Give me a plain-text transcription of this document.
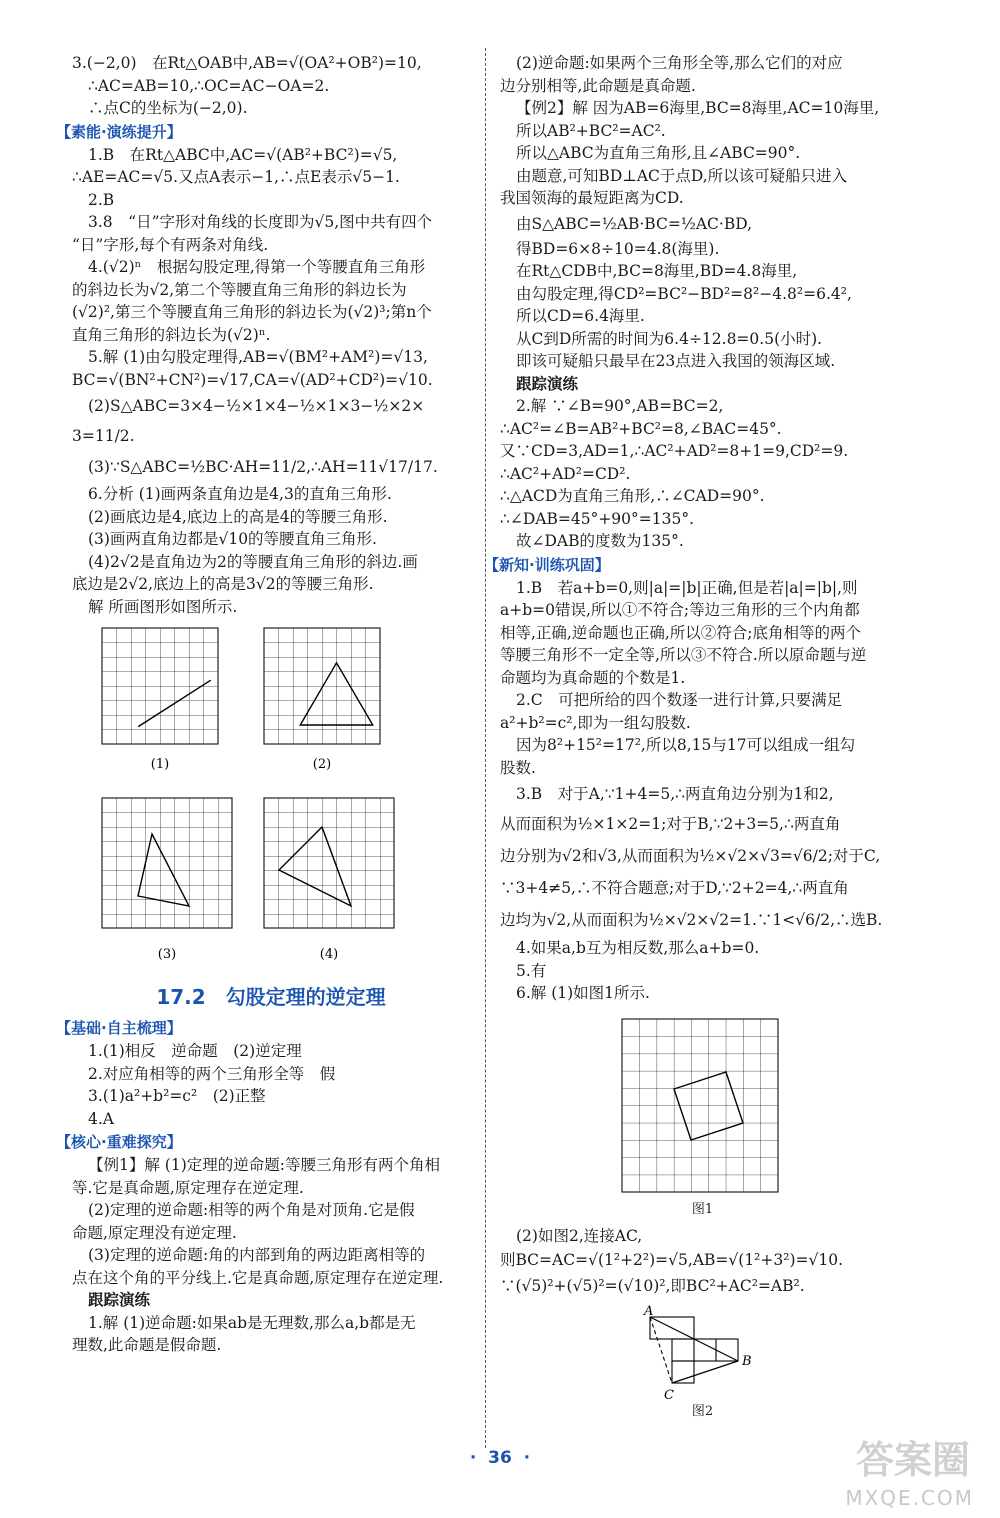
3.(−2,0)　在Rt△OAB中,AB=√(OA²+OB²)=10,

∴AC=AB=10,∴OC=AC−OA=2.

∴点C的坐标为(−2,0).

【素能·演练提升】

1.B　在Rt△ABC中,AC=√(AB²+BC²)=√5,

∴AE=AC=√5.又点A表示−1,∴点E表示√5−1.

2.B

3.8　“日”字形对角线的长度即为√5,图中共有四个

“日”字形,每个有两条对角线.

4.(√2)ⁿ　根据勾股定理,得第一个等腰直角三角形

的斜边长为√2,第二个等腰直角三角形的斜边长为

(√2)²,第三个等腰直角三角形的斜边长为(√2)³;第n个

直角三角形的斜边长为(√2)ⁿ.

5.解 (1)由勾股定理得,AB=√(BM²+AM²)=√13,

BC=√(BN²+CN²)=√17,CA=√(AD²+CD²)=√10.

(2)S△ABC=3×4−½×1×4−½×1×3−½×2×

3=11/2.

(3)∵S△ABC=½BC·AH=11/2,∴AH=11√17/17.

6.分析 (1)画两条直角边是4,3的直角三角形.

(2)画底边是4,底边上的高是4的等腰三角形.

(3)画两直角边都是√10的等腰直角三角形.

(4)2√2是直角边为2的等腰直角三角形的斜边.画

底边是2√2,底边上的高是3√2的等腰三角形.

解 所画图形如图所示.

(1)	(2)
(3)	(4)

17.2　勾股定理的逆定理

【基础·自主梳理】

1.(1)相反　逆命题　(2)逆定理

2.对应角相等的两个三角形全等　假

3.(1)a²+b²=c²　(2)正整

4.A

【核心·重难探究】

【例1】解 (1)定理的逆命题:等腰三角形有两个角相

等.它是真命题,原定理存在逆定理.

(2)定理的逆命题:相等的两个角是对顶角.它是假

命题,原定理没有逆定理.

(3)定理的逆命题:角的内部到角的两边距离相等的

点在这个角的平分线上.它是真命题,原定理存在逆定理.

跟踪演练

1.解 (1)逆命题:如果ab是无理数,那么a,b都是无

理数,此命题是假命题.

(2)逆命题:如果两个三角形全等,那么它们的对应

边分别相等,此命题是真命题.

【例2】解 因为AB=6海里,BC=8海里,AC=10海里,

所以AB²+BC²=AC².

所以△ABC为直角三角形,且∠ABC=90°.

由题意,可知BD⊥AC于点D,所以该可疑船只进入

我国领海的最短距离为CD.

由S△ABC=½AB·BC=½AC·BD,

得BD=6×8÷10=4.8(海里).

在Rt△CDB中,BC=8海里,BD=4.8海里,

由勾股定理,得CD²=BC²−BD²=8²−4.8²=6.4²,

所以CD=6.4海里.

从C到D所需的时间为6.4÷12.8=0.5(小时).

即该可疑船只最早在23点进入我国的领海区域.

跟踪演练

2.解 ∵∠B=90°,AB=BC=2,

∴AC²=∠B=AB²+BC²=8,∠BAC=45°.

又∵CD=3,AD=1,∴AC²+AD²=8+1=9,CD²=9.

∴AC²+AD²=CD².

∴△ACD为直角三角形,∴∠CAD=90°.

∴∠DAB=45°+90°=135°.

故∠DAB的度数为135°.

【新知·训练巩固】

1.B　若a+b=0,则|a|=|b|正确,但是若|a|=|b|,则

a+b=0错误,所以①不符合;等边三角形的三个内角都

相等,正确,逆命题也正确,所以②符合;底角相等的两个

等腰三角形不一定全等,所以③不符合.所以原命题与逆

命题均为真命题的个数是1.

2.C　可把所给的四个数逐一进行计算,只要满足

a²+b²=c²,即为一组勾股数.

因为8²+15²=17²,所以8,15与17可以组成一组勾

股数.

3.B　对于A,∵1+4=5,∴两直角边分别为1和2,

从而面积为½×1×2=1;对于B,∵2+3=5,∴两直角

边分别为√2和√3,从而面积为½×√2×√3=√6/2;对于C,

∵3+4≠5,∴不符合题意;对于D,∵2+2=4,∴两直角

边均为√2,从而面积为½×√2×√2=1.∵1<√6/2,∴选B.

4.如果a,b互为相反数,那么a+b=0.

5.有

6.解 (1)如图1所示.

图1

(2)如图2,连接AC,

则BC=AC=√(1²+2²)=√5,AB=√(1²+3²)=√10.

∵(√5)²+(√5)²=(√10)²,即BC²+AC²=AB².

A
B
C
图2
·  36  ·	答案圈
MXQE.COM
